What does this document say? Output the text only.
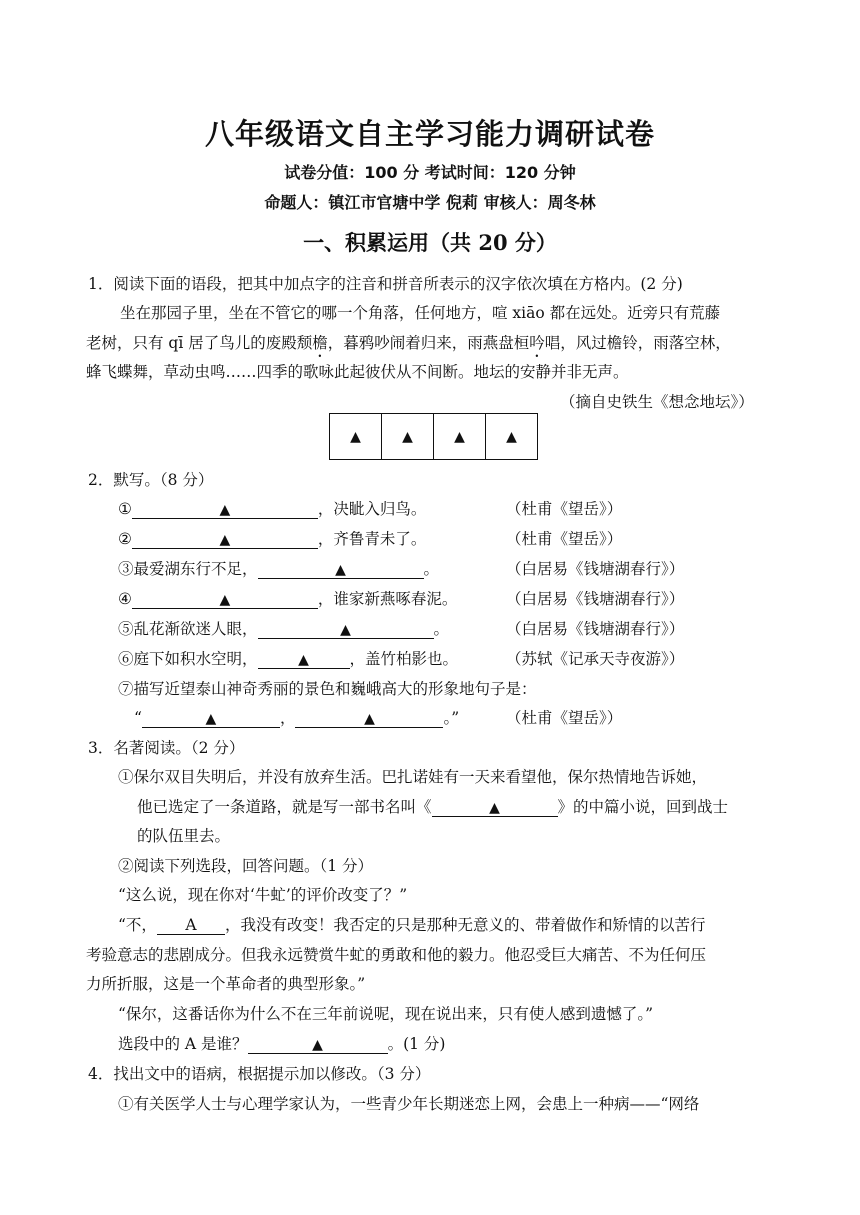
八年级语文自主学习能力调研试卷
试卷分值：100 分 考试时间：120 分钟
命题人：镇江市官塘中学 倪莉 审核人：周冬林
一、积累运用（共 20 分）
1．阅读下面的语段，把其中加点字的注音和拼音所表示的汉字依次填在方格内。(2 分)
坐在那园子里，坐在不管它的哪一个角落，任何地方，喧 xiāo 都在远处。近旁只有荒藤
老树，只有 qī 居了鸟儿的废殿颓檐，暮鸦吵闹着归来，雨燕盘桓吟唱，风过檐铃，雨落空林，
蜂飞蝶舞，草动虫鸣……四季的歌咏此起彼伏从不间断。地坛的安静并非无声。
（摘自史铁生《想念地坛》）
▲	▲	▲	▲
2．默写。（8 分）
①	▲	，决眦入归鸟。	（杜甫《望岳》）
②	▲	，齐鲁青未了。	（杜甫《望岳》）
③最爱湖东行不足，	▲	。	（白居易《钱塘湖春行》）
④	▲	，谁家新燕啄春泥。	（白居易《钱塘湖春行》）
⑤乱花渐欲迷人眼，	▲	。	（白居易《钱塘湖春行》）
⑥庭下如积水空明，	▲	，盖竹柏影也。	（苏轼《记承天寺夜游》）
⑦描写近望泰山神奇秀丽的景色和巍峨高大的形象地句子是：
“	▲	，	▲	。”	（杜甫《望岳》）
3．名著阅读。（2 分）
①保尔双目失明后，并没有放弃生活。巴扎诺娃有一天来看望他，保尔热情地告诉她，
他已选定了一条道路，就是写一部书名叫《	▲	》的中篇小说，回到战士
的队伍里去。
②阅读下列选段，回答问题。（1 分）
“这么说，现在你对‘牛虻’的评价改变了？”
“不， A ，我没有改变！我否定的只是那种无意义的、带着做作和矫情的以苦行
考验意志的悲剧成分。但我永远赞赏牛虻的勇敢和他的毅力。他忍受巨大痛苦、不为任何压
力所折服，这是一个革命者的典型形象。”
“保尔，这番话你为什么不在三年前说呢，现在说出来，只有使人感到遗憾了。”
选段中的 A 是谁？	▲	。(1 分)
4．找出文中的语病，根据提示加以修改。（3 分）
①有关医学人士与心理学家认为，一些青少年长期迷恋上网，会患上一种病——“网络
